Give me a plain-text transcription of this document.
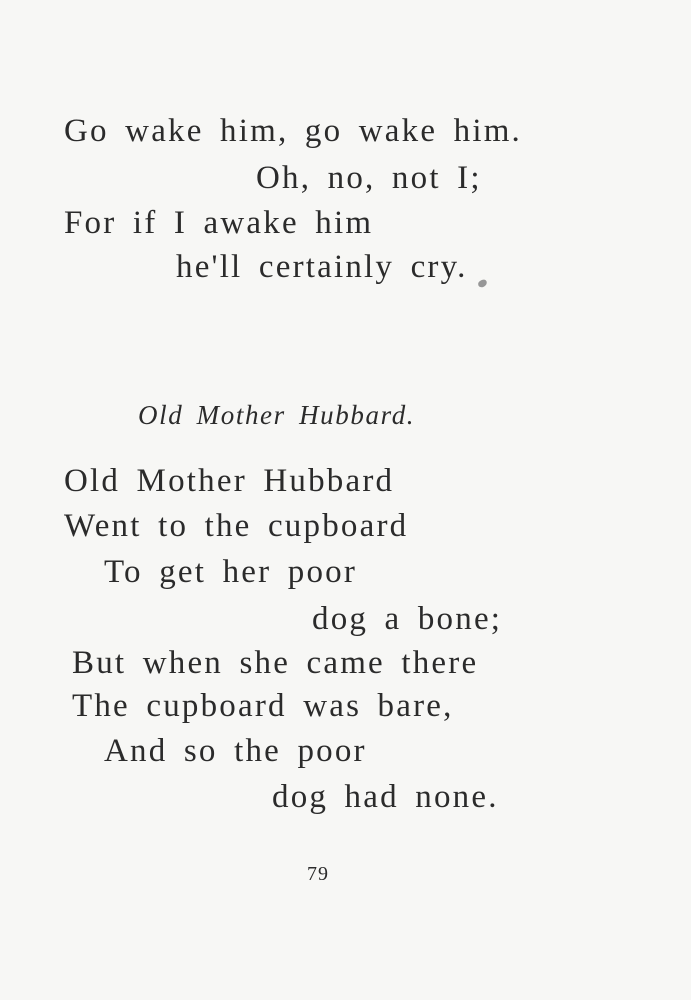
Go wake him, go wake him.
Oh, no, not I;
For if I awake him
he'll certainly cry.
Old Mother Hubbard.
Old Mother Hubbard
Went to the cupboard
To get her poor
dog a bone;
But when she came there
The cupboard was bare,
And so the poor
dog had none.
79
